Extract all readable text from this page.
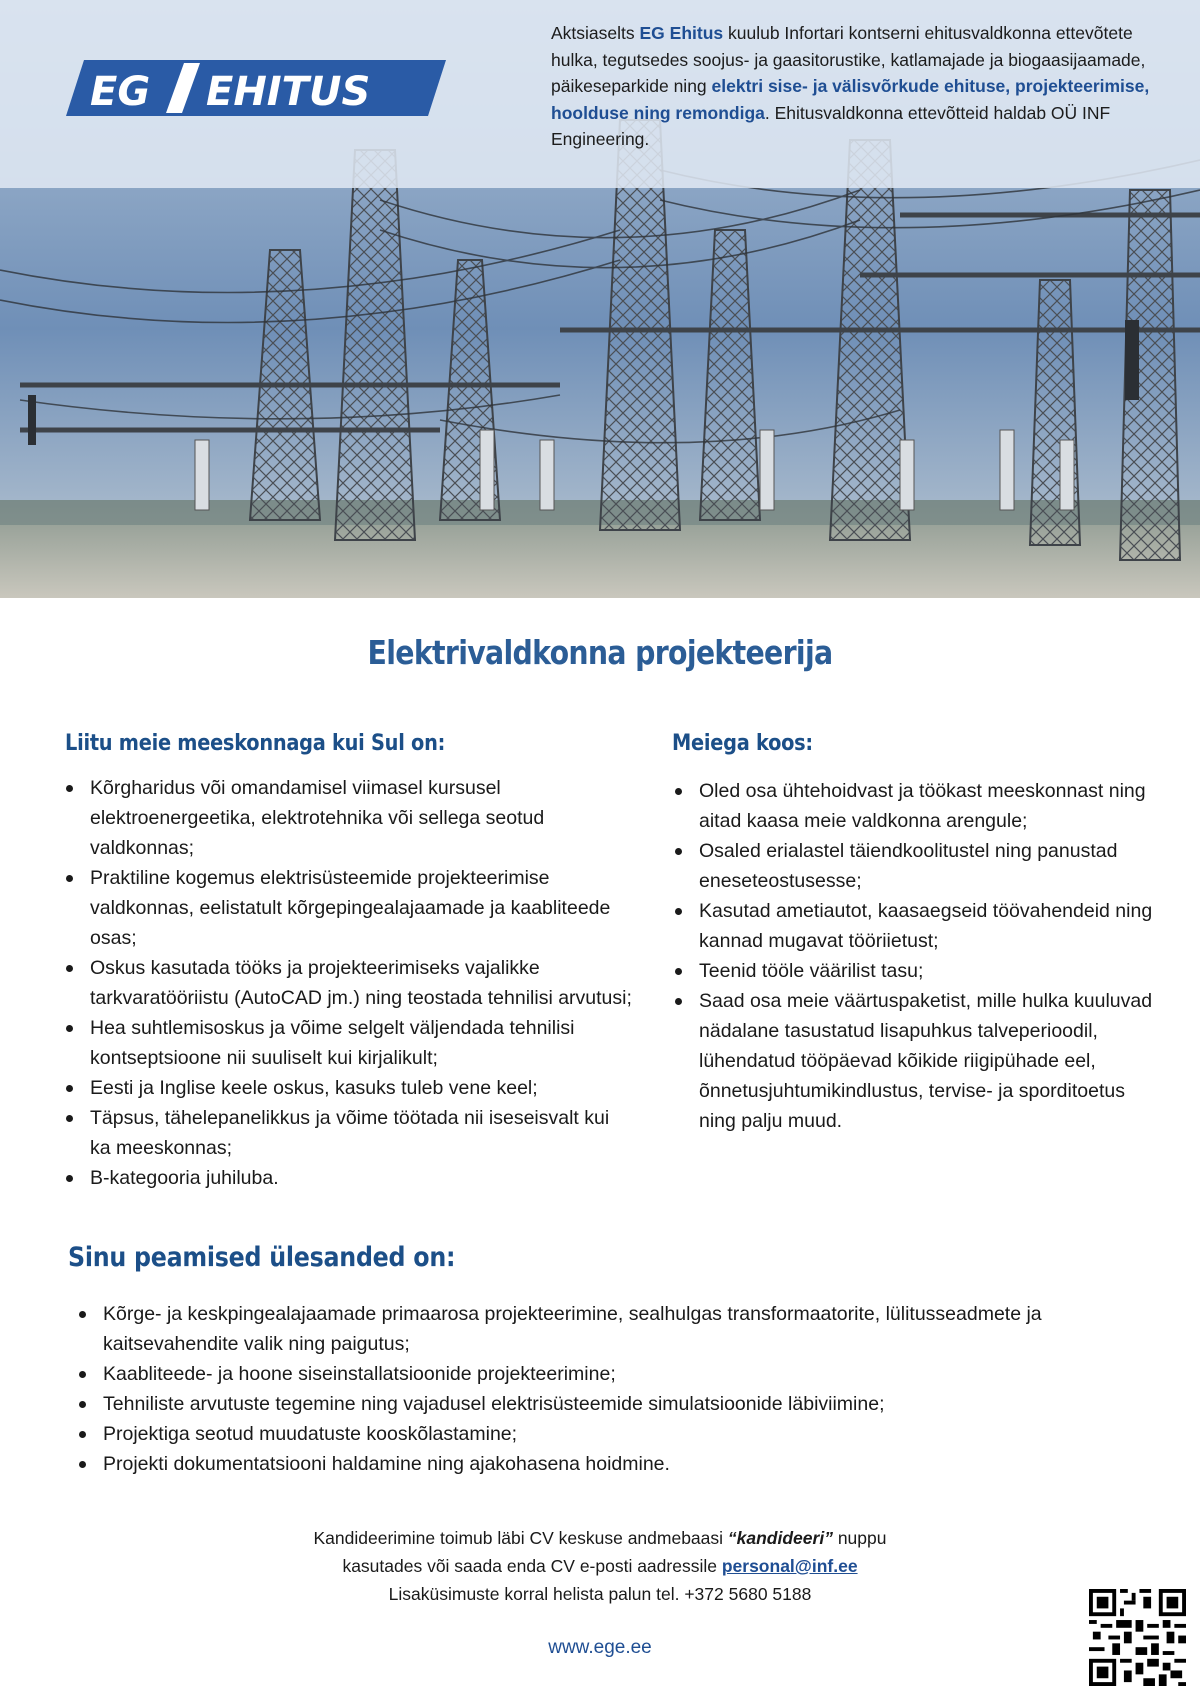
EG EHITUS
Aktsiaselts EG Ehitus kuulub Infortari kontserni ehitusvaldkonna ettevõtete hulka, tegutsedes soojus- ja gaasitorustike, katlamajade ja biogaasijaamade, päikeseparkide ning elektri sise- ja välisvõrkude ehituse, projekteerimise, hoolduse ning remondiga. Ehitusvaldkonna ettevõtteid haldab OÜ INF Engineering.
Elektrivaldkonna projekteerija
Liitu meie meeskonnaga kui Sul on:
Kõrgharidus või omandamisel viimasel kursusel elektroenergeetika, elektrotehnika või sellega seotud valdkonnas;
Praktiline kogemus elektrisüsteemide projekteerimise valdkonnas, eelistatult kõrgepingealajaamade ja kaabliteede osas;
Oskus kasutada tööks ja projekteerimiseks vajalikke tarkvaratööriistu (AutoCAD jm.) ning teostada tehnilisi arvutusi;
Hea suhtlemisoskus ja võime selgelt väljendada tehnilisi kontseptsioone nii suuliselt kui kirjalikult;
Eesti ja Inglise keele oskus, kasuks tuleb vene keel;
Täpsus, tähelepanelikkus ja võime töötada nii iseseisvalt kui ka meeskonnas;
B-kategooria juhiluba.
Meiega koos:
Oled osa ühtehoidvast ja töökast meeskonnast ning aitad kaasa meie valdkonna arengule;
Osaled erialastel täiendkoolitustel ning panustad eneseteostusesse;
Kasutad ametiautot, kaasaegseid töövahendeid ning kannad mugavat tööriietust;
Teenid tööle väärilist tasu;
Saad osa meie väärtuspaketist, mille hulka kuuluvad nädalane tasustatud lisapuhkus talveperioodil, lühendatud tööpäevad kõikide riigipühade eel, õnnetusjuhtumikindlustus, tervise- ja sporditoetus ning palju muud.
Sinu peamised ülesanded on:
Kõrge- ja keskpingealajaamade primaarosa projekteerimine, sealhulgas transformaatorite, lülitusseadmete ja kaitsevahendite valik ning paigutus;
Kaabliteede- ja hoone siseinstallatsioonide projekteerimine;
Tehniliste arvutuste tegemine ning vajadusel elektrisüsteemide simulatsioonide läbiviimine;
Projektiga seotud muudatuste kooskõlastamine;
Projekti dokumentatsiooni haldamine ning ajakohasena hoidmine.
Kandideerimine toimub läbi CV keskuse andmebaasi “kandideeri” nuppu
kasutades või saada enda CV e-posti aadressile personal@inf.ee
Lisaküsimuste korral helista palun tel. +372 5680 5188
www.ege.ee
